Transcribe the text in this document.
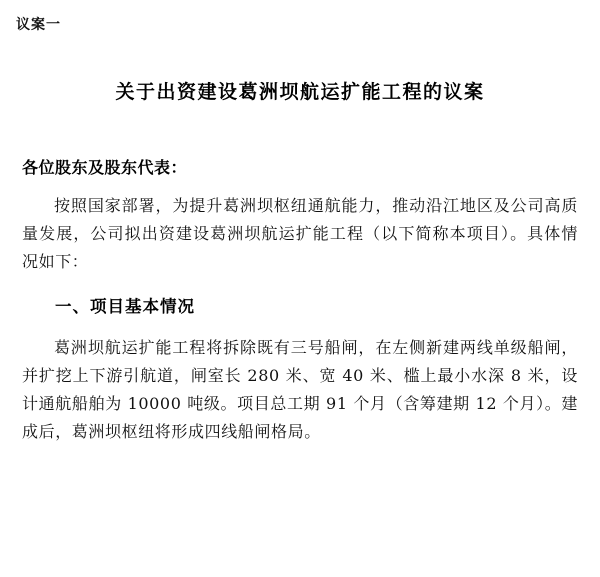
议案一
关于出资建设葛洲坝航运扩能工程的议案
各位股东及股东代表：

按照国家部署，为提升葛洲坝枢纽通航能力，推动沿江地区及公司高质量发展，公司拟出资建设葛洲坝航运扩能工程（以下简称本项目）。具体情况如下：

一、项目基本情况

葛洲坝航运扩能工程将拆除既有三号船闸，在左侧新建两线单级船闸，并扩挖上下游引航道，闸室长 280 米、宽 40 米、槛上最小水深 8 米，设计通航船舶为 10000 吨级。项目总工期 91 个月（含筹建期 12 个月）。建成后，葛洲坝枢纽将形成四线船闸格局。
